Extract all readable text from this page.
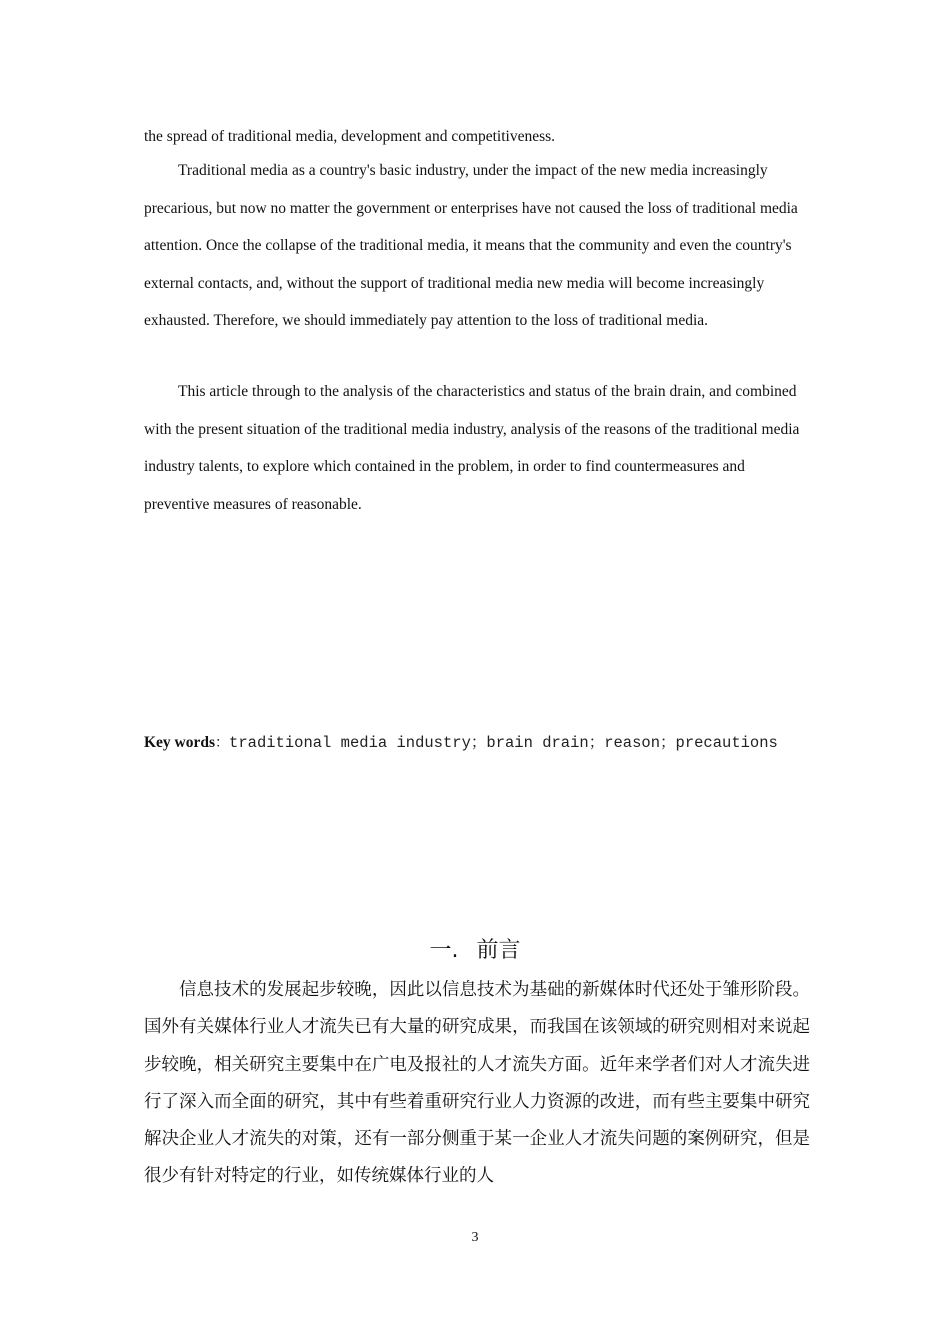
the spread of traditional media, development and competitiveness.

Traditional media as a country's basic industry, under the impact of the new media increasingly precarious, but now no matter the government or enterprises have not caused the loss of traditional media attention. Once the collapse of the traditional media, it means that the community and even the country's external contacts, and, without the support of traditional media new media will become increasingly exhausted. Therefore, we should immediately pay attention to the loss of traditional media.

This article through to the analysis of the characteristics and status of the brain drain, and combined with the present situation of the traditional media industry, analysis of the reasons of the traditional media industry talents, to explore which contained in the problem, in order to find countermeasures and preventive measures of reasonable.

Key words：traditional media industry；brain drain；reason；precautions
一. 前言

信息技术的发展起步较晚，因此以信息技术为基础的新媒体时代还处于雏形阶段。国外有关媒体行业人才流失已有大量的研究成果，而我国在该领域的研究则相对来说起步较晚，相关研究主要集中在广电及报社的人才流失方面。近年来学者们对人才流失进行了深入而全面的研究，其中有些着重研究行业人力资源的改进，而有些主要集中研究解决企业人才流失的对策，还有一部分侧重于某一企业人才流失问题的案例研究，但是很少有针对特定的行业，如传统媒体行业的人

3
